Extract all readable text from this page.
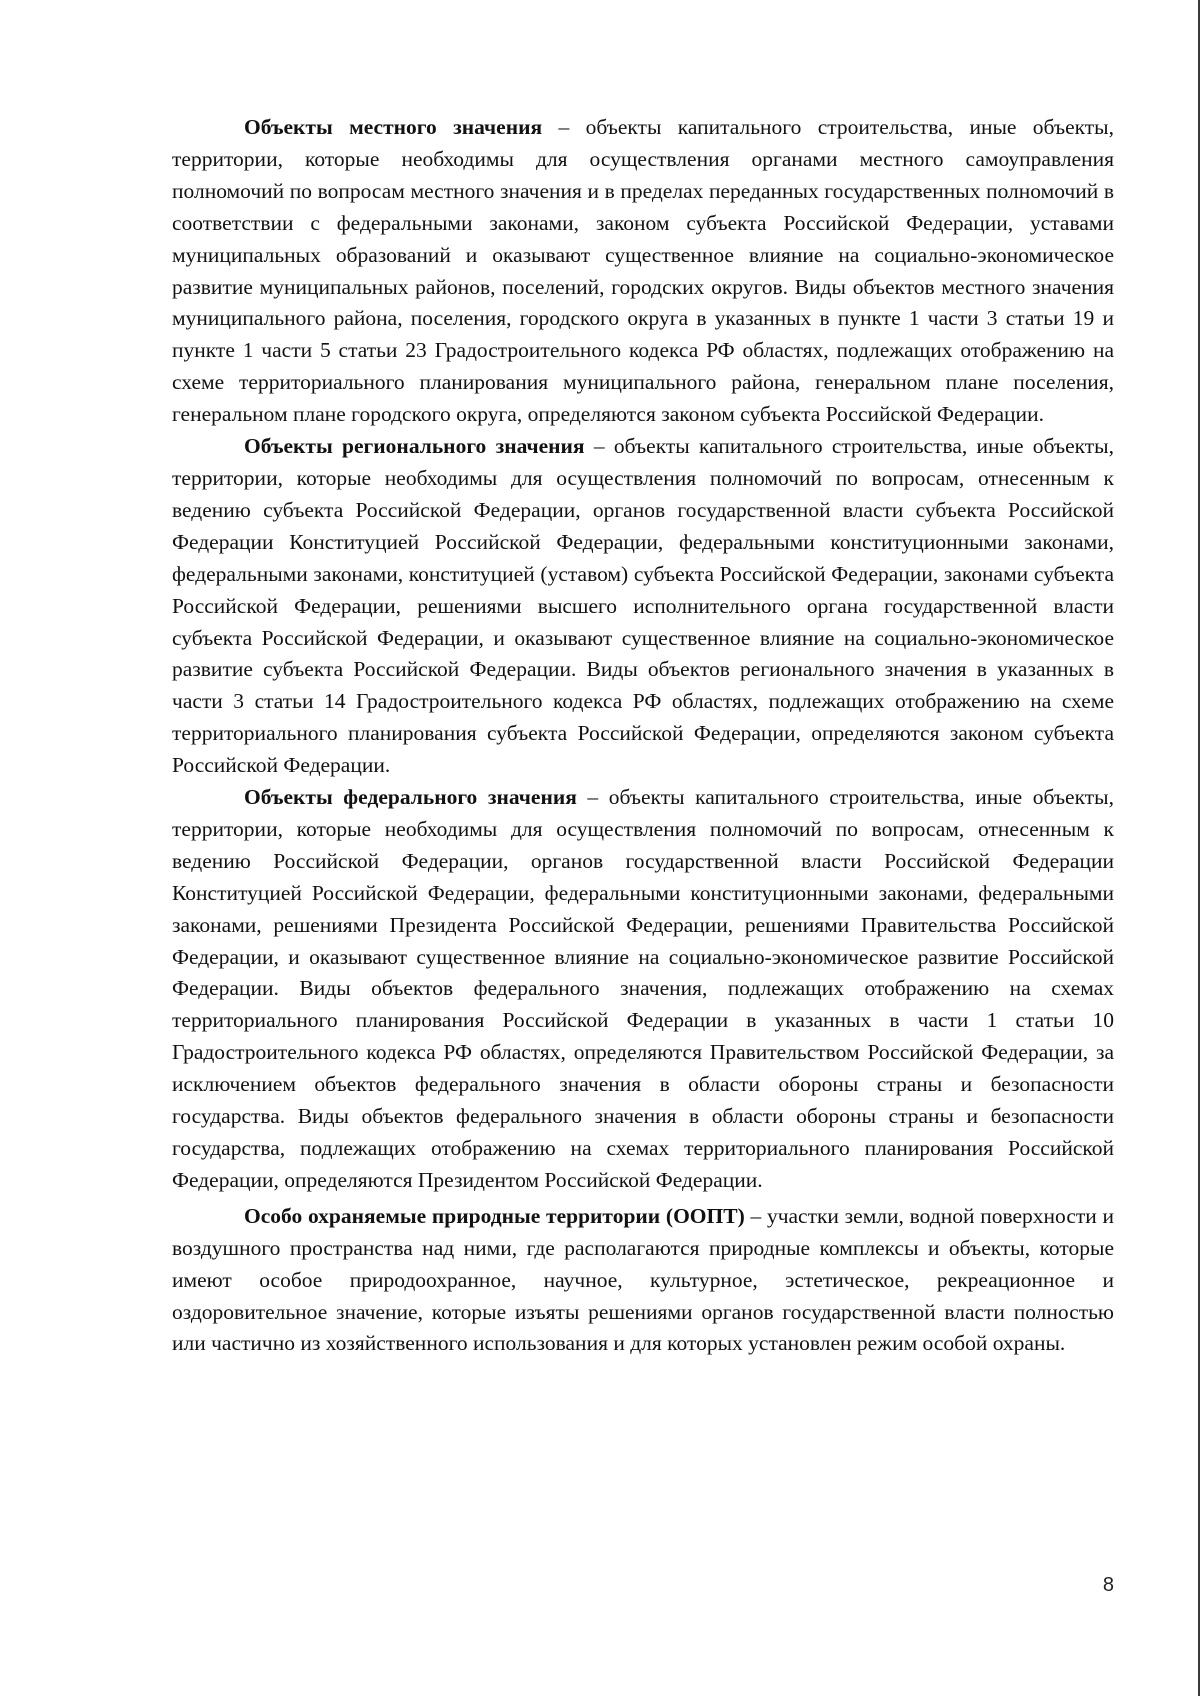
Объекты местного значения – объекты капитального строительства, иные объекты, территории, которые необходимы для осуществления органами местного самоуправления полномочий по вопросам местного значения и в пределах переданных государственных полномочий в соответствии с федеральными законами, законом субъекта Российской Федерации, уставами муниципальных образований и оказывают существенное влияние на социально-экономическое развитие муниципальных районов, поселений, городских округов. Виды объектов местного значения муниципального района, поселения, городского округа в указанных в пункте 1 части 3 статьи 19 и пункте 1 части 5 статьи 23 Градостроительного кодекса РФ областях, подлежащих отображению на схеме территориального планирования муниципального района, генеральном плане поселения, генеральном плане городского округа, определяются законом субъекта Российской Федерации.

Объекты регионального значения – объекты капитального строительства, иные объекты, территории, которые необходимы для осуществления полномочий по вопросам, отнесенным к ведению субъекта Российской Федерации, органов государственной власти субъекта Российской Федерации Конституцией Российской Федерации, федеральными конституционными законами, федеральными законами, конституцией (уставом) субъекта Российской Федерации, законами субъекта Российской Федерации, решениями высшего исполнительного органа государственной власти субъекта Российской Федерации, и оказывают существенное влияние на социально-экономическое развитие субъекта Российской Федерации. Виды объектов регионального значения в указанных в части 3 статьи 14 Градостроительного кодекса РФ областях, подлежащих отображению на схеме территориального планирования субъекта Российской Федерации, определяются законом субъекта Российской Федерации.

Объекты федерального значения – объекты капитального строительства, иные объекты, территории, которые необходимы для осуществления полномочий по вопросам, отнесенным к ведению Российской Федерации, органов государственной власти Российской Федерации Конституцией Российской Федерации, федеральными конституционными законами, федеральными законами, решениями Президента Российской Федерации, решениями Правительства Российской Федерации, и оказывают существенное влияние на социально-экономическое развитие Российской Федерации. Виды объектов федерального значения, подлежащих отображению на схемах территориального планирования Российской Федерации в указанных в части 1 статьи 10 Градостроительного кодекса РФ областях, определяются Правительством Российской Федерации, за исключением объектов федерального значения в области обороны страны и безопасности государства. Виды объектов федерального значения в области обороны страны и безопасности государства, подлежащих отображению на схемах территориального планирования Российской Федерации, определяются Президентом Российской Федерации.

Особо охраняемые природные территории (ООПТ) – участки земли, водной поверхности и воздушного пространства над ними, где располагаются природные комплексы и объекты, которые имеют особое природоохранное, научное, культурное, эстетическое, рекреационное и оздоровительное значение, которые изъяты решениями органов государственной власти полностью или частично из хозяйственного использования и для которых установлен режим особой охраны.

8
